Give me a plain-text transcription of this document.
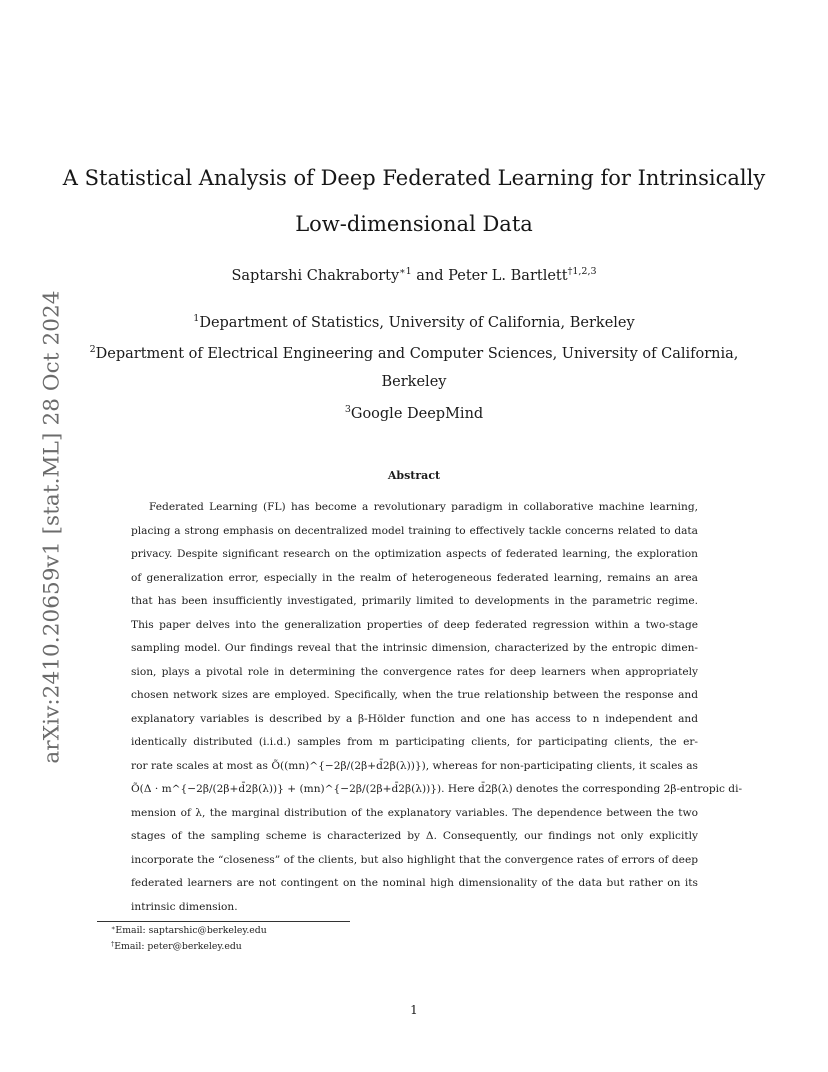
arXiv:2410.20659v1 [stat.ML] 28 Oct 2024
A Statistical Analysis of Deep Federated Learning for Intrinsically
Low-dimensional Data
Saptarshi Chakraborty$^{∗1}$ and Peter L. Bartlett$^{\dagger 1,2,3}$
$^1$Department of Statistics, University of California, Berkeley
$^2$Department of Electrical Engineering and Computer Sciences, University of California,
Berkeley
$^3$Google DeepMind
Abstract
Federated Learning (FL) has become a revolutionary paradigm in collaborative machine learning,
placing a strong emphasis on decentralized model training to effectively tackle concerns related to data
privacy. Despite significant research on the optimization aspects of federated learning, the exploration
of generalization error, especially in the realm of heterogeneous federated learning, remains an area
that has been insufficiently investigated, primarily limited to developments in the parametric regime.
This paper delves into the generalization properties of deep federated regression within a two-stage
sampling model. Our findings reveal that the intrinsic dimension, characterized by the entropic dimen-
sion, plays a pivotal role in determining the convergence rates for deep learners when appropriately
chosen network sizes are employed. Specifically, when the true relationship between the response and
explanatory variables is described by a β-Hölder function and one has access to n independent and
identically distributed (i.i.d.) samples from m participating clients, for participating clients, the er-
ror rate scales at most as Õ((mn)^{−2β/(2β+d̄2β(λ))}), whereas for non-participating clients, it scales as
Õ(Δ · m^{−2β/(2β+d̄2β(λ))} + (mn)^{−2β/(2β+d̄2β(λ))}). Here d̄2β(λ) denotes the corresponding 2β-entropic di-
mension of λ, the marginal distribution of the explanatory variables. The dependence between the two
stages of the sampling scheme is characterized by Δ. Consequently, our findings not only explicitly
incorporate the “closeness” of the clients, but also highlight that the convergence rates of errors of deep
federated learners are not contingent on the nominal high dimensionality of the data but rather on its
intrinsic dimension.
∗Email: saptarshic@berkeley.edu
†Email: peter@berkeley.edu
1
